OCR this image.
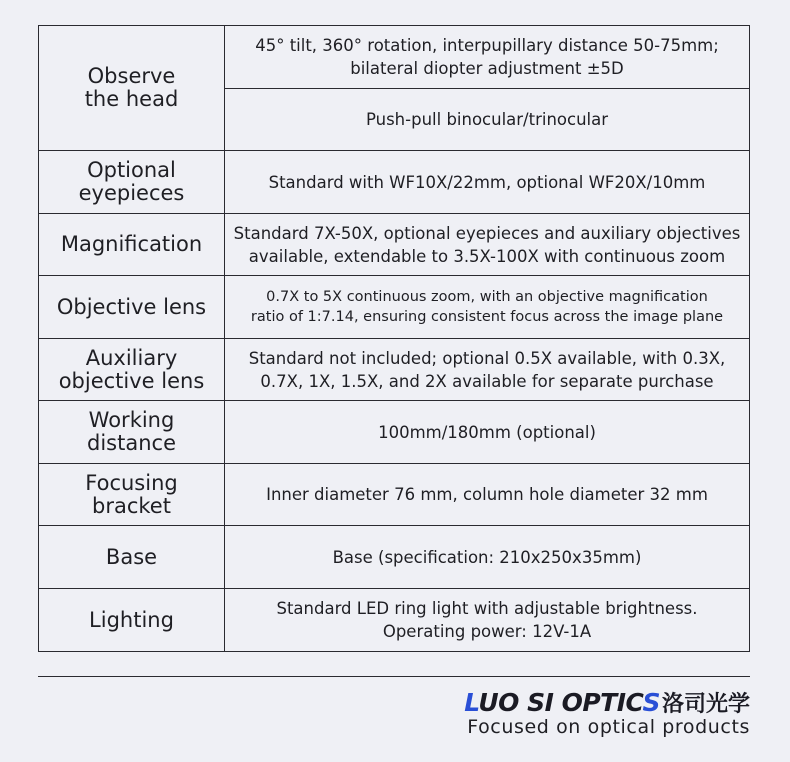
Observe
the head	45° tilt, 360° rotation, interpupillary distance 50-75mm;
bilateral diopter adjustment ±5D

	Push-pull binocular/trinocular

Optional
eyepieces	Standard with WF10X/22mm, optional WF20X/10mm

Magnification	Standard 7X-50X, optional eyepieces and auxiliary objectives
available, extendable to 3.5X-100X with continuous zoom

Objective lens	0.7X to 5X continuous zoom, with an objective magnification
ratio of 1:7.14, ensuring consistent focus across the image plane

Auxiliary
objective lens	Standard not included; optional 0.5X available, with 0.3X,
0.7X, 1X, 1.5X, and 2X available for separate purchase

Working
distance	100mm/180mm (optional)

Focusing
bracket	Inner diameter 76 mm, column hole diameter 32 mm

Base	Base (specification: 210x250x35mm)

Lighting	Standard LED ring light with adjustable brightness.
Operating power: 12V-1A
LUO SI OPTICS 洛司光学
Focused on optical products
